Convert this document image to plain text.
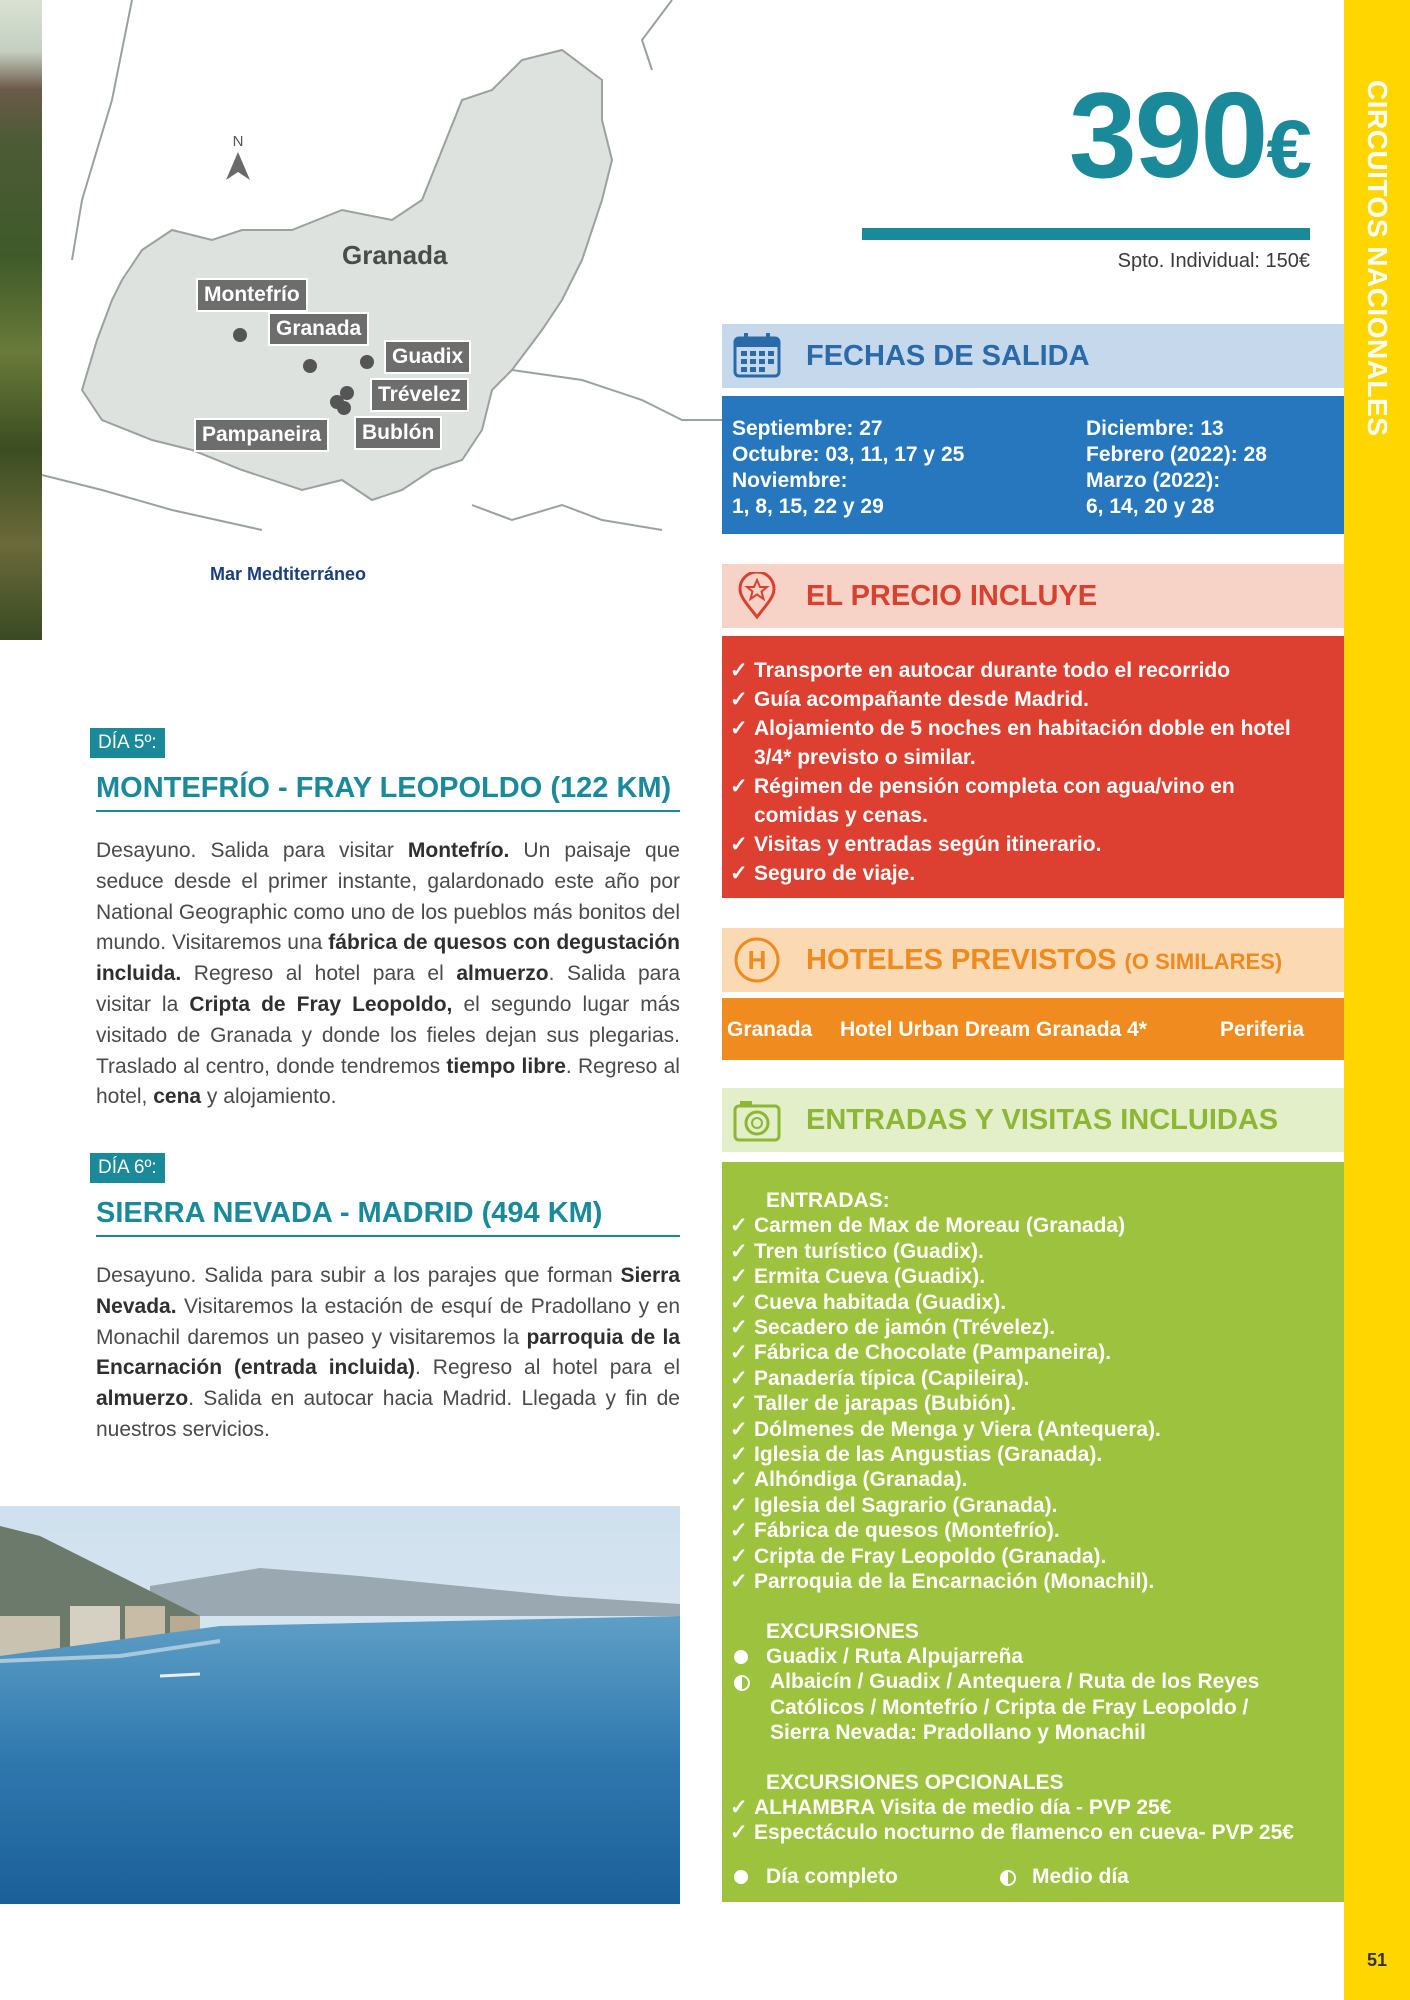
N
Granada
Montefrío
Granada
Guadix
Trévelez
Pampaneira	Bublón
Mar Medtiterráneo
390€
Spto. Individual: 150€ CIRCUITOS NACIONALES
51
FECHAS DE SALIDA
Septiembre: 27
Octubre: 03, 11, 17 y 25
Noviembre:
1, 8, 15, 22 y 29
Diciembre: 13
Febrero (2022): 28
Marzo (2022):
6, 14, 20 y 28
EL PRECIO INCLUYE
✓ Transporte en autocar durante todo el recorrido
✓ Guía acompañante desde Madrid.
✓ Alojamiento de 5 noches en habitación doble en hotel 3/4* previsto o similar.
✓ Régimen de pensión completa con agua/vino en comidas y cenas.
✓ Visitas y entradas según itinerario.
✓ Seguro de viaje.
H HOTELES PREVISTOS (O SIMILARES)
Granada Hotel Urban Dream Granada 4*	Periferia
ENTRADAS Y VISITAS INCLUIDAS
ENTRADAS:
✓ Carmen de Max de Moreau (Granada)
✓ Tren turístico (Guadix).
✓ Ermita Cueva (Guadix).
✓ Cueva habitada (Guadix).
✓ Secadero de jamón (Trévelez).
✓ Fábrica de Chocolate (Pampaneira).
✓ Panadería típica (Capileira).
✓ Taller de jarapas (Bubión).
✓ Dólmenes de Menga y Viera (Antequera).
✓ Iglesia de las Angustias (Granada).
✓ Alhóndiga (Granada).
✓ Iglesia del Sagrario (Granada).
✓ Fábrica de quesos (Montefrío).
✓ Cripta de Fray Leopoldo (Granada).
✓ Parroquia de la Encarnación (Monachil).
EXCURSIONES
Guadix / Ruta Alpujarreña
Albaicín / Guadix / Antequera / Ruta de los Reyes Católicos / Montefrío / Cripta de Fray Leopoldo / Sierra Nevada: Pradollano y Monachil
EXCURSIONES OPCIONALES
✓ ALHAMBRA Visita de medio día - PVP 25€
✓ Espectáculo nocturno de flamenco en cueva- PVP 25€
Día completo	Medio día
DÍA 5º:
MONTEFRÍO - FRAY LEOPOLDO (122 KM)
Desayuno. Salida para visitar Montefrío. Un paisaje que seduce desde el primer instante, galardonado este año por National Geographic como uno de los pueblos más bonitos del mundo. Visitaremos una fábrica de quesos con degustación incluida. Regreso al hotel para el almuerzo. Salida para visitar la Cripta de Fray Leopoldo, el segundo lugar más visitado de Granada y donde los fieles dejan sus plegarias. Traslado al centro, donde tendremos tiempo libre. Regreso al hotel, cena y alojamiento.
DÍA 6º:
SIERRA NEVADA - MADRID (494 KM)
Desayuno. Salida para subir a los parajes que forman Sierra Nevada. Visitaremos la estación de esquí de Pradollano y en Monachil daremos un paseo y visitaremos la parroquia de la Encarnación (entrada incluida). Regreso al hotel para el almuerzo. Salida en autocar hacia Madrid. Llegada y fin de nuestros servicios.
